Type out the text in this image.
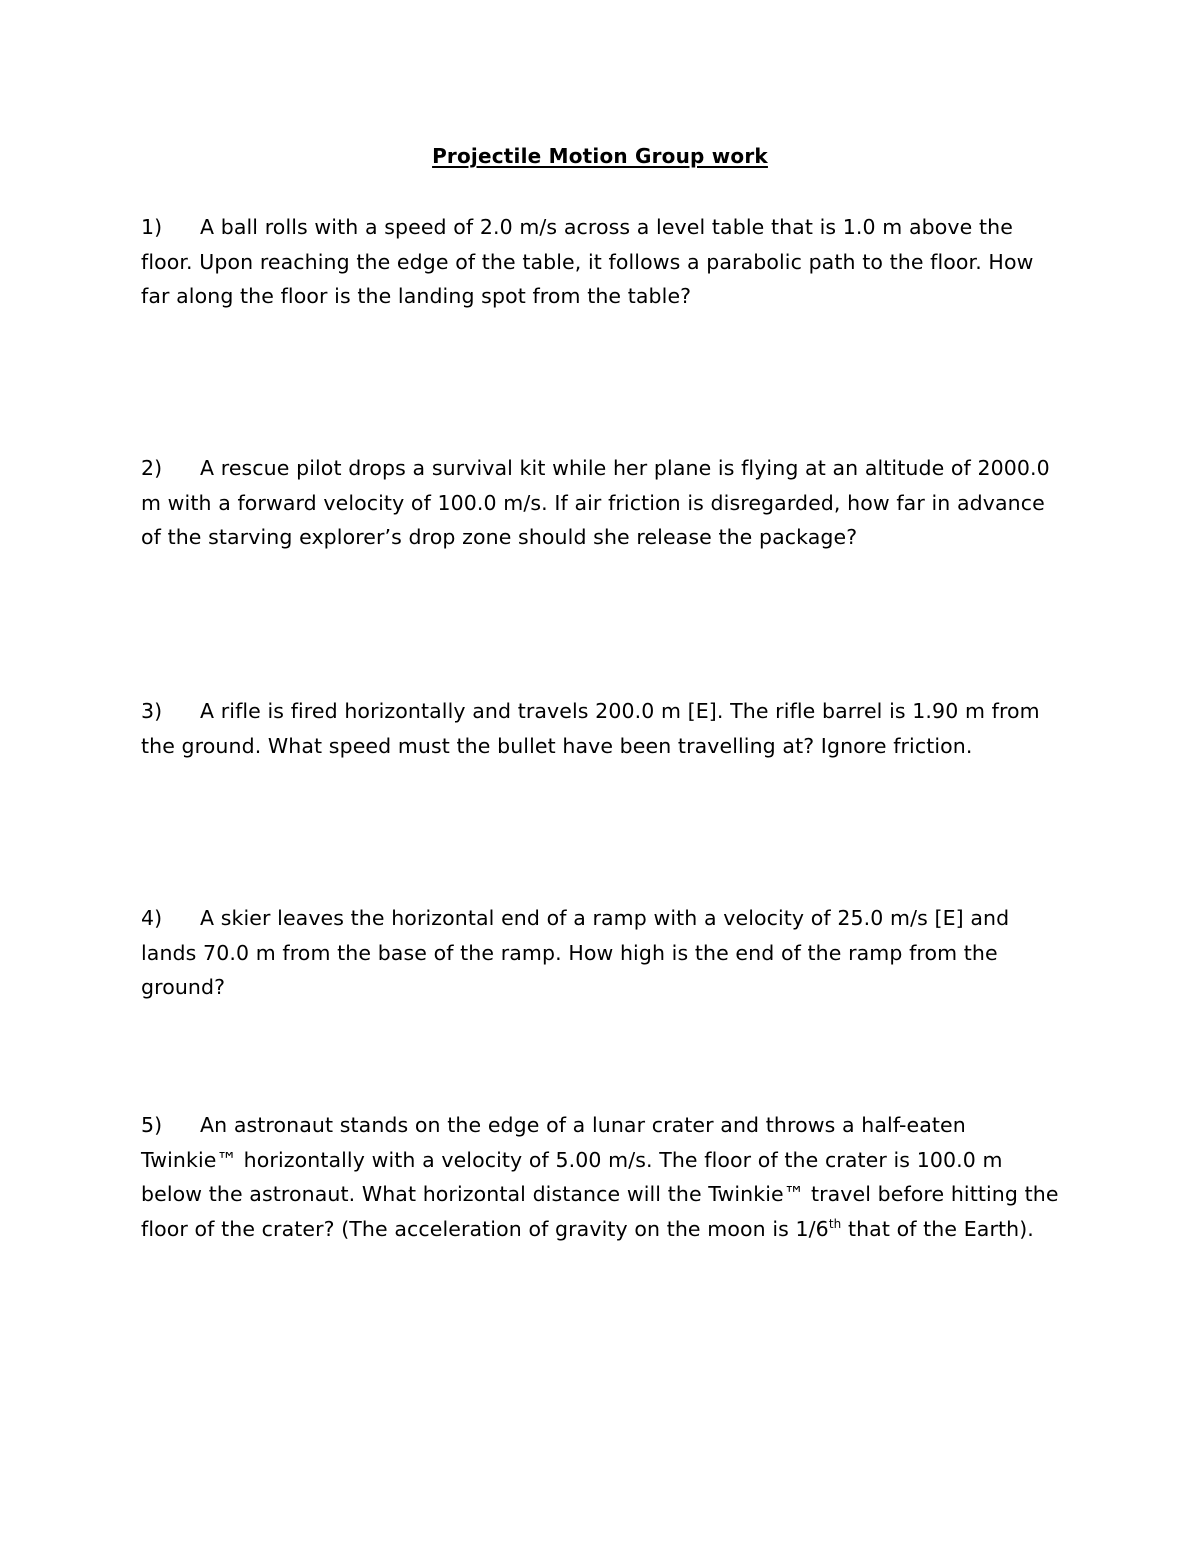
Projectile Motion Group work
1) A ball rolls with a speed of 2.0 m/s across a level table that is 1.0 m above the floor. Upon reaching the edge of the table, it follows a parabolic path to the floor. How far along the floor is the landing spot from the table?
2) A rescue pilot drops a survival kit while her plane is flying at an altitude of 2000.0 m with a forward velocity of 100.0 m/s. If air friction is disregarded, how far in advance of the starving explorer’s drop zone should she release the package?
3) A rifle is fired horizontally and travels 200.0 m [E]. The rifle barrel is 1.90 m from the ground. What speed must the bullet have been travelling at? Ignore friction.
4) A skier leaves the horizontal end of a ramp with a velocity of 25.0 m/s [E] and lands 70.0 m from the base of the ramp. How high is the end of the ramp from the ground?
5) An astronaut stands on the edge of a lunar crater and throws a half-eaten Twinkie™ horizontally with a velocity of 5.00 m/s. The floor of the crater is 100.0 m below the astronaut. What horizontal distance will the Twinkie™ travel before hitting the floor of the crater? (The acceleration of gravity on the moon is 1/6th that of the Earth).
